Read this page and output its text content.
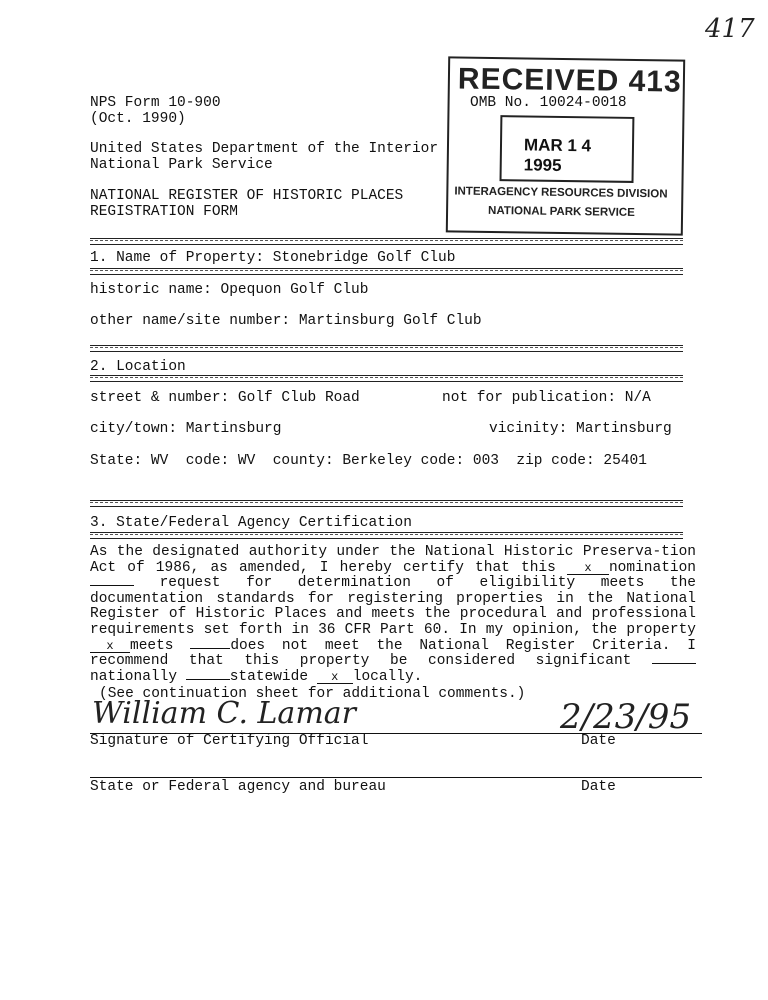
417
NPS Form 10-900
(Oct. 1990)
OMB No. 10024-0018
United States Department of the Interior
National Park Service
NATIONAL REGISTER OF HISTORIC PLACES
REGISTRATION FORM
RECEIVED 413
MAR 1 4 1995
INTERAGENCY RESOURCES DIVISION
NATIONAL PARK SERVICE
1. Name of Property: Stonebridge Golf Club
historic name: Opequon Golf Club
other name/site number: Martinsburg Golf Club
2. Location
street & number: Golf Club Road	not for publication: N/A
city/town: Martinsburg	vicinity: Martinsburg
State: WV  code: WV  county: Berkeley code: 003  zip code: 25401
3. State/Federal Agency Certification
As the designated authority under the National Historic Preserva-tion Act of 1986, as amended, I hereby certify that this x nomination  request for determination of eligibility meets the documentation standards for registering properties in the National Register of Historic Places and meets the procedural and professional requirements set forth in 36 CFR Part 60. In my opinion, the property x meets	does not meet the National Register Criteria. I recommend that this property be considered significant nationally	statewide x locally.
(See continuation sheet for additional comments.)
William C. Lamar	2/23/95
Signature of Certifying Official	Date
State or Federal agency and bureau	Date
